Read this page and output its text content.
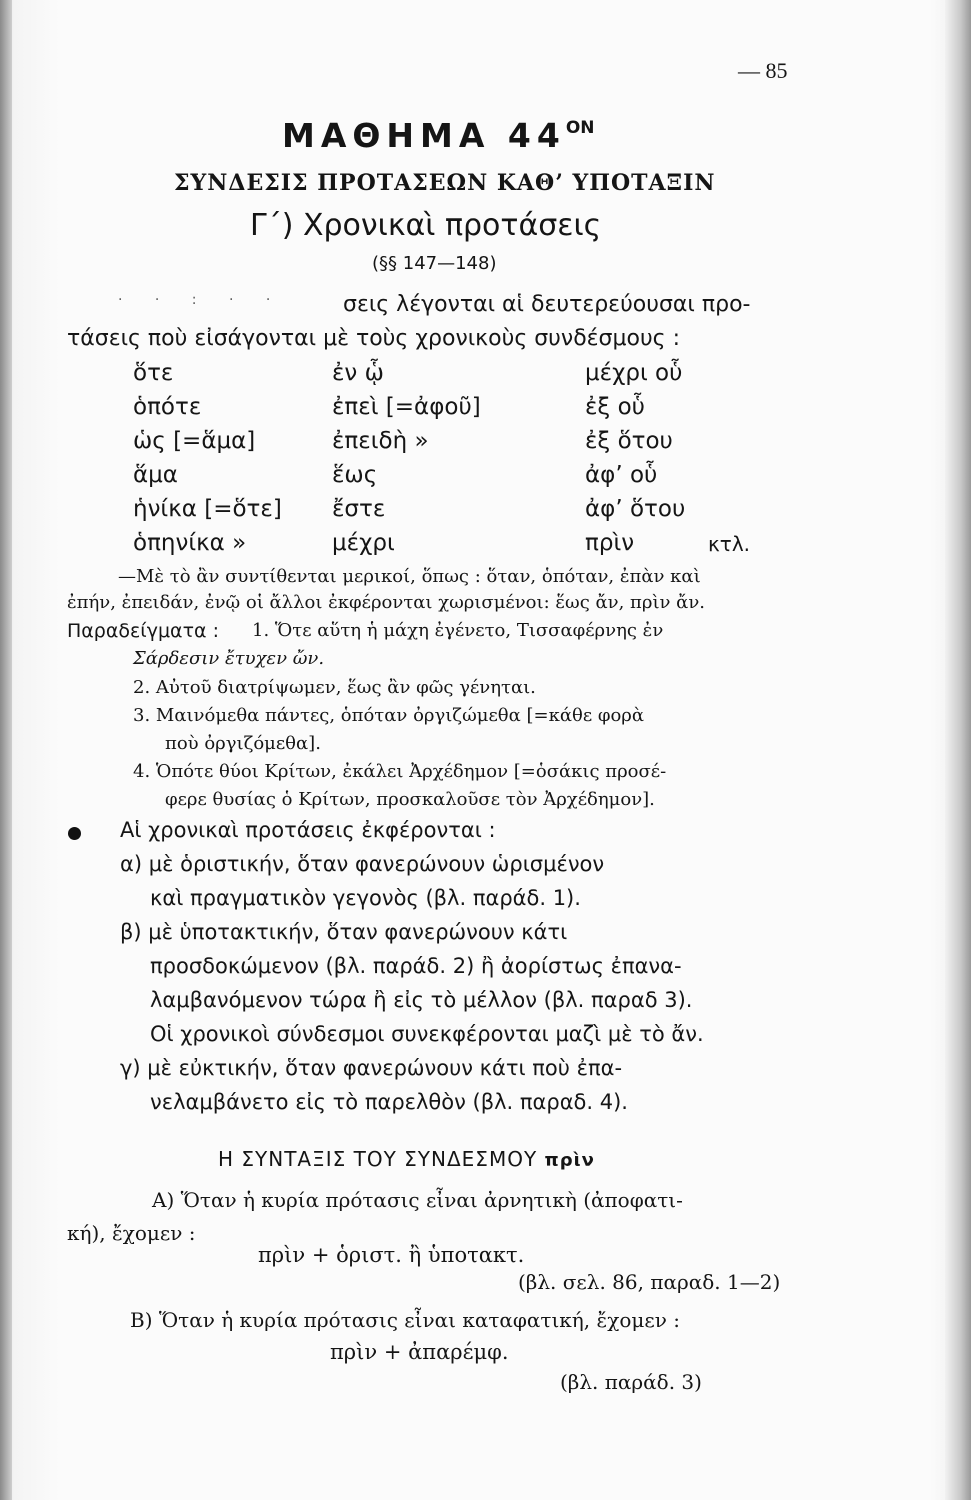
— 85
ΜΑΘΗΜΑ $44^{ON}$
ΣΥΝΔΕΣΙΣ ΠΡΟΤΑΣΕΩΝ ΚΑΘ’ ΥΠΟΤΑΞΙΝ
Γ΄) Χρονικαὶ προτάσεις
(§§ 147—148)
· · : · ·	σεις λέγονται αἱ δευτερεύουσαι προ-
τάσεις ποὺ εἰσάγονται μὲ τοὺς χρονικοὺς συνδέσμους :
ὅτε
ὁπότε
ὡς [=ἅμα]
ἅμα
ἡνίκα [=ὅτε]
ὁπηνίκα »
ἐν ᾧ
ἐπεὶ [=ἀφοῦ]
ἐπειδὴ »
ἕως
ἔστε
μέχρι
μέχρι οὗ
ἐξ οὗ
ἐξ ὅτου
ἀφ’ οὗ
ἀφ’ ὅτου
πρὶν	κτλ.
—Μὲ τὸ ἂν συντίθενται μερικοί, ὅπως : ὅταν, ὁπόταν, ἐπὰν καὶ
ἐπήν, ἐπειδάν, ἐνῷ οἱ ἄλλοι ἐκφέρονται χωρισμένοι: ἕως ἄν, πρὶν ἄν.
Παραδείγματα : 1. Ὅτε αὕτη ἡ μάχη ἐγένετο, Τισσαφέρνης ἐν
Σάρδεσιν ἔτυχεν ὤν.
2. Αὐτοῦ διατρίψωμεν, ἕως ἂν φῶς γένηται.
3. Μαινόμεθα πάντες, ὁπόταν ὀργιζώμεθα [=κάθε φορὰ
ποὺ ὀργιζόμεθα].
4. Ὁπότε θύοι Κρίτων, ἐκάλει Ἀρχέδημον [=ὁσάκις προσέ-
φερε θυσίας ὁ Κρίτων, προσκαλοῦσε τὸν Ἀρχέδημον].
Αἱ χρονικαὶ προτάσεις ἐκφέρονται :
α) μὲ ὁριστικήν, ὅταν φανερώνουν ὡρισμένον
καὶ πραγματικὸν γεγονὸς (βλ. παράδ. 1).
β) μὲ ὑποτακτικήν, ὅταν φανερώνουν κάτι
προσδοκώμενον (βλ. παράδ. 2) ἢ ἀορίστως ἐπανα-
λαμβανόμενον τώρα ἢ εἰς τὸ μέλλον (βλ. παραδ 3).
Οἱ χρονικοὶ σύνδεσμοι συνεκφέρονται μαζὶ μὲ τὸ ἄν.
γ) μὲ εὐκτικήν, ὅταν φανερώνουν κάτι ποὺ ἐπα-
νελαμβάνετο εἰς τὸ παρελθὸν (βλ. παραδ. 4).
Η ΣΥΝΤΑΞΙΣ ΤΟΥ ΣΥΝΔΕΣΜΟΥ πρὶν
Α) Ὅταν ἡ κυρία πρότασις εἶναι ἀρνητικὴ (ἀποφατι-
κή), ἔχομεν :
πρὶν + ὁριστ. ἢ ὑποτακτ.
(βλ. σελ. 86, παραδ. 1—2)
Β) Ὅταν ἡ κυρία πρότασις εἶναι καταφατική, ἔχομεν :
πρὶν + ἀπαρέμφ.
(βλ. παράδ. 3)
